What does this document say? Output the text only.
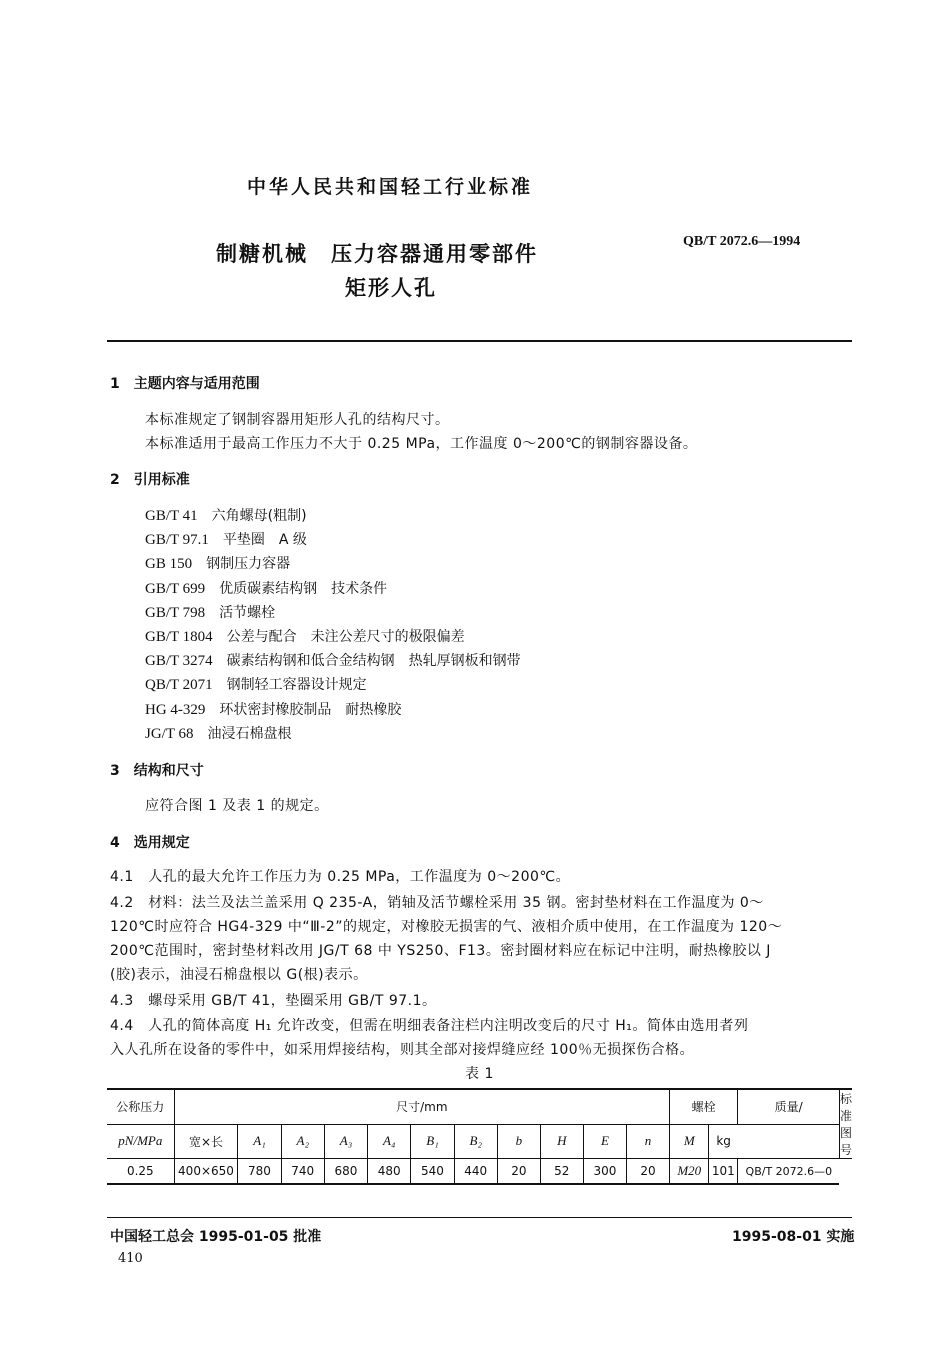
中华人民共和国轻工行业标准
制糖机械　压力容器通用零部件
矩形人孔
QB/T 2072.6—1994
1　主题内容与适用范围
本标准规定了钢制容器用矩形人孔的结构尺寸。
本标准适用于最高工作压力不大于 0.25 MPa，工作温度 0～200℃的钢制容器设备。
2　引用标准
GB/T 41 六角螺母(粗制)
GB/T 97.1 平垫圈　A 级
GB 150 钢制压力容器
GB/T 699 优质碳素结构钢　技术条件
GB/T 798 活节螺栓
GB/T 1804 公差与配合　未注公差尺寸的极限偏差
GB/T 3274 碳素结构钢和低合金结构钢　热轧厚钢板和钢带
QB/T 2071 钢制轻工容器设计规定
HG 4-329 环状密封橡胶制品　耐热橡胶
JG/T 68 油浸石棉盘根
3　结构和尺寸
应符合图 1 及表 1 的规定。
4　选用规定
4.1　人孔的最大允许工作压力为 0.25 MPa，工作温度为 0～200℃。
4.2　材料：法兰及法兰盖采用 Q 235-A，销轴及活节螺栓采用 35 钢。密封垫材料在工作温度为 0～
120℃时应符合 HG4-329 中“Ⅲ-2”的规定，对橡胶无损害的气、液相介质中使用，在工作温度为 120～
200℃范围时，密封垫材料改用 JG/T 68 中 YS250、F13。密封圈材料应在标记中注明，耐热橡胶以 J
(胶)表示，油浸石棉盘根以 G(根)表示。
4.3　螺母采用 GB/T 41，垫圈采用 GB/T 97.1。
4.4　人孔的简体高度 H₁ 允许改变，但需在明细表备注栏内注明改变后的尺寸 H₁。简体由选用者列
入人孔所在设备的零件中，如采用焊接结构，则其全部对接焊缝应经 100％无损探伤合格。
表 1
公称压力	尺寸/mm											螺栓		质量/	标准图号
pN/MPa	宽×长	A₁	A₂	A₃	A₄	B₁	B₂	b	H	E	n	M	kg		
0.25	400×650	780	740	680	480	540	440	20	52	300	20	M20	101	QB/T 2072.6—0	
中国轻工总会 1995-01-05 批准	1995-08-01 实施
410
